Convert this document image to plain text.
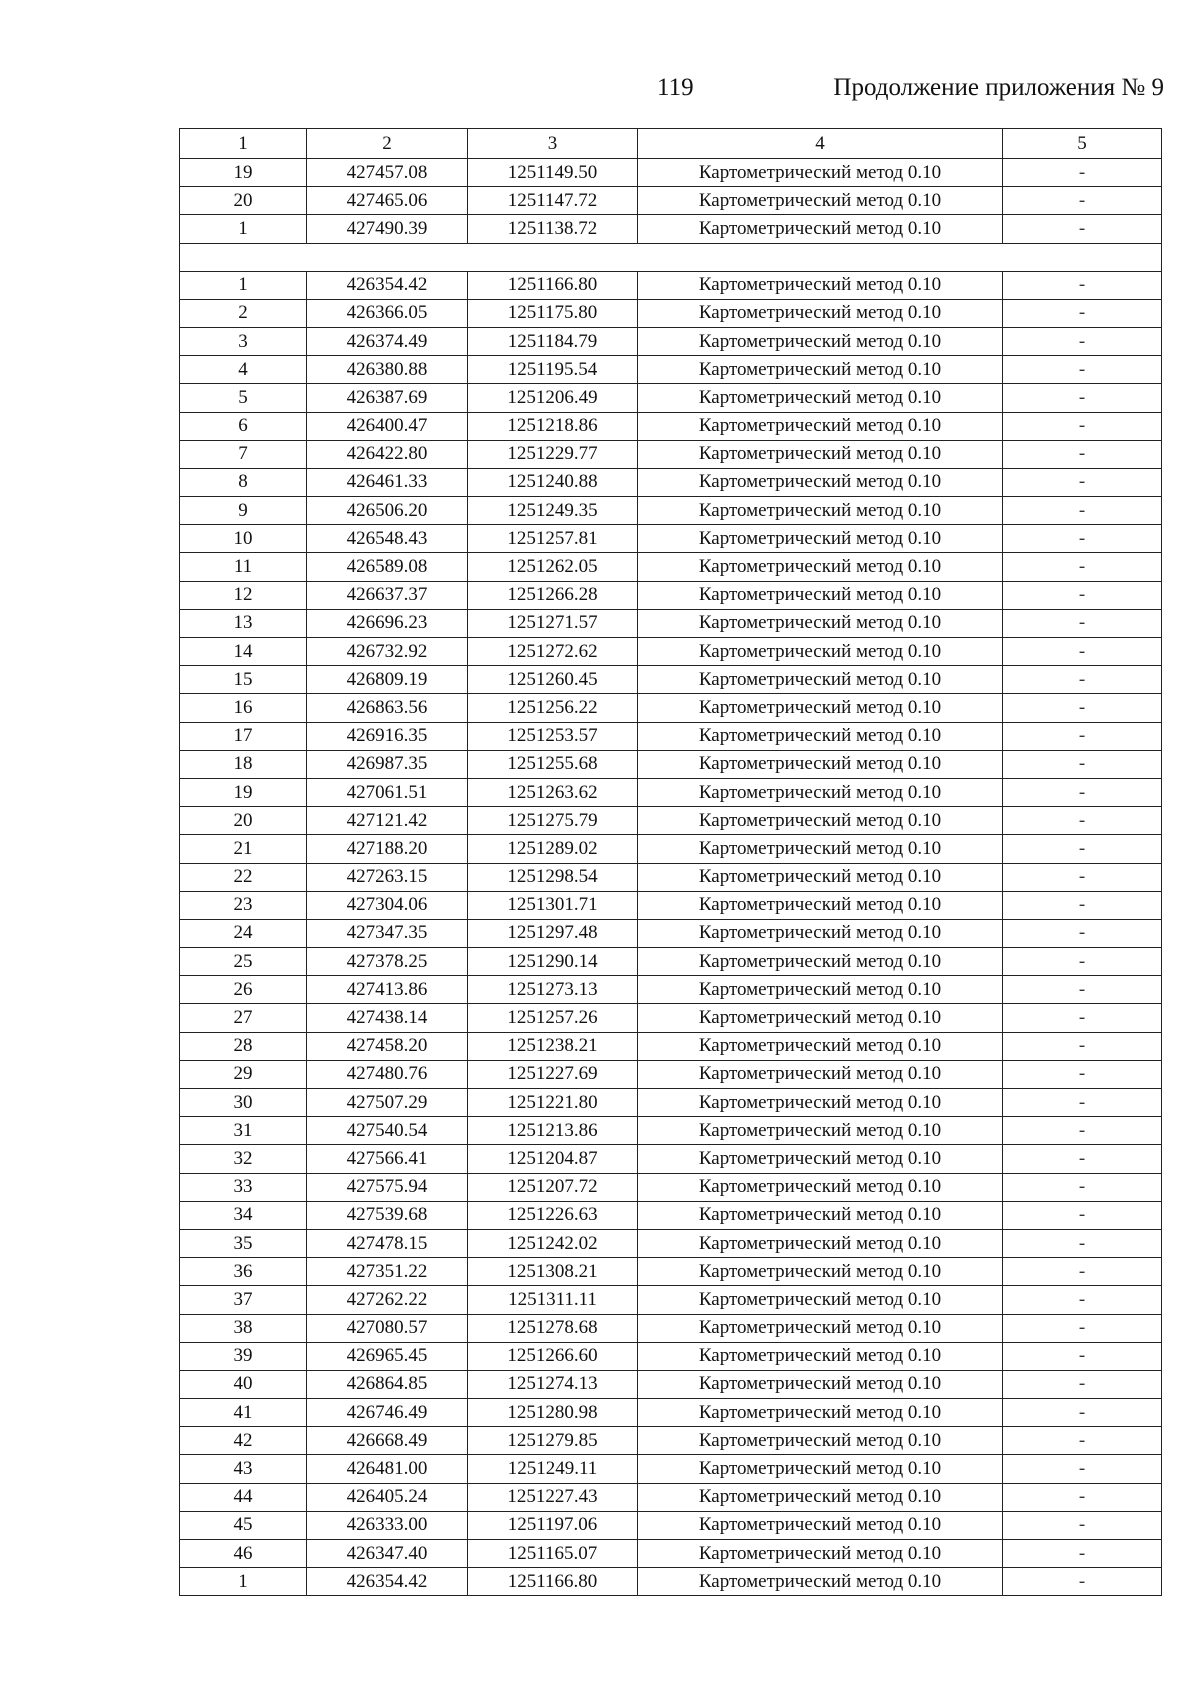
119	Продолжение приложения № 9
1	2	3	4	5
19	427457.08	1251149.50	Картометрический метод 0.10	-
20	427465.06	1251147.72	Картометрический метод 0.10	-
1	427490.39	1251138.72	Картометрический метод 0.10	-

1	426354.42	1251166.80	Картометрический метод 0.10	-
2	426366.05	1251175.80	Картометрический метод 0.10	-
3	426374.49	1251184.79	Картометрический метод 0.10	-
4	426380.88	1251195.54	Картометрический метод 0.10	-
5	426387.69	1251206.49	Картометрический метод 0.10	-
6	426400.47	1251218.86	Картометрический метод 0.10	-
7	426422.80	1251229.77	Картометрический метод 0.10	-
8	426461.33	1251240.88	Картометрический метод 0.10	-
9	426506.20	1251249.35	Картометрический метод 0.10	-
10	426548.43	1251257.81	Картометрический метод 0.10	-
11	426589.08	1251262.05	Картометрический метод 0.10	-
12	426637.37	1251266.28	Картометрический метод 0.10	-
13	426696.23	1251271.57	Картометрический метод 0.10	-
14	426732.92	1251272.62	Картометрический метод 0.10	-
15	426809.19	1251260.45	Картометрический метод 0.10	-
16	426863.56	1251256.22	Картометрический метод 0.10	-
17	426916.35	1251253.57	Картометрический метод 0.10	-
18	426987.35	1251255.68	Картометрический метод 0.10	-
19	427061.51	1251263.62	Картометрический метод 0.10	-
20	427121.42	1251275.79	Картометрический метод 0.10	-
21	427188.20	1251289.02	Картометрический метод 0.10	-
22	427263.15	1251298.54	Картометрический метод 0.10	-
23	427304.06	1251301.71	Картометрический метод 0.10	-
24	427347.35	1251297.48	Картометрический метод 0.10	-
25	427378.25	1251290.14	Картометрический метод 0.10	-
26	427413.86	1251273.13	Картометрический метод 0.10	-
27	427438.14	1251257.26	Картометрический метод 0.10	-
28	427458.20	1251238.21	Картометрический метод 0.10	-
29	427480.76	1251227.69	Картометрический метод 0.10	-
30	427507.29	1251221.80	Картометрический метод 0.10	-
31	427540.54	1251213.86	Картометрический метод 0.10	-
32	427566.41	1251204.87	Картометрический метод 0.10	-
33	427575.94	1251207.72	Картометрический метод 0.10	-
34	427539.68	1251226.63	Картометрический метод 0.10	-
35	427478.15	1251242.02	Картометрический метод 0.10	-
36	427351.22	1251308.21	Картометрический метод 0.10	-
37	427262.22	1251311.11	Картометрический метод 0.10	-
38	427080.57	1251278.68	Картометрический метод 0.10	-
39	426965.45	1251266.60	Картометрический метод 0.10	-
40	426864.85	1251274.13	Картометрический метод 0.10	-
41	426746.49	1251280.98	Картометрический метод 0.10	-
42	426668.49	1251279.85	Картометрический метод 0.10	-
43	426481.00	1251249.11	Картометрический метод 0.10	-
44	426405.24	1251227.43	Картометрический метод 0.10	-
45	426333.00	1251197.06	Картометрический метод 0.10	-
46	426347.40	1251165.07	Картометрический метод 0.10	-
1	426354.42	1251166.80	Картометрический метод 0.10	-
